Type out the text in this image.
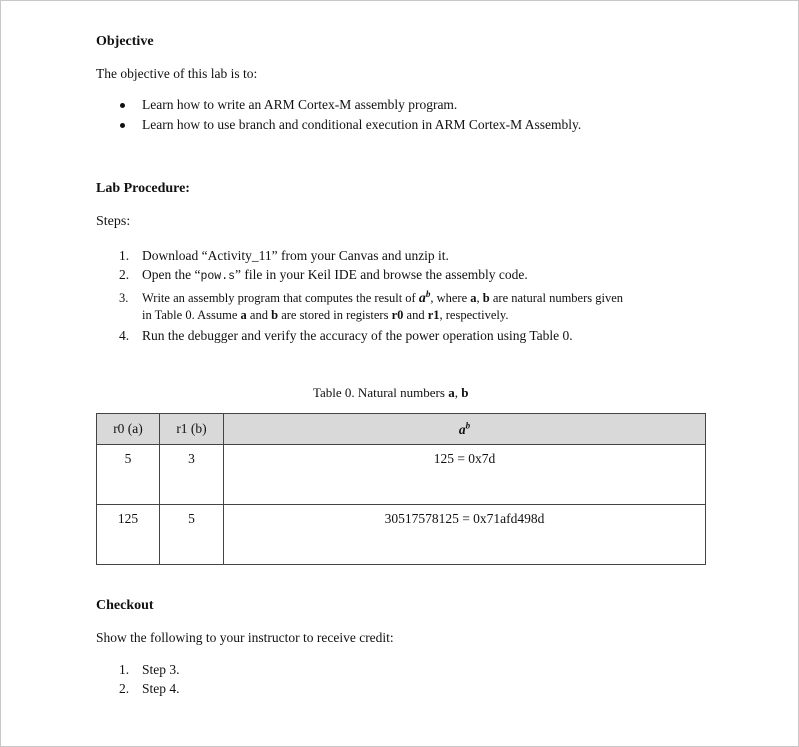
Objective
The objective of this lab is to:
Learn how to write an ARM Cortex-M assembly program.
Learn how to use branch and conditional execution in ARM Cortex-M Assembly.
Lab Procedure:
Steps:
1. Download “Activity_11” from your Canvas and unzip it.
2. Open the “pow.s” file in your Keil IDE and browse the assembly code.
3. Write an assembly program that computes the result of $a^b$, where a, b are natural numbers given
in Table 0. Assume a and b are stored in registers r0 and r1, respectively.
4. Run the debugger and verify the accuracy of the power operation using Table 0.
Table 0. Natural numbers a, b
r0 (a)	r1 (b)	$a^b$
5	3	125 = 0x7d
125	5	30517578125 = 0x71afd498d
Checkout
Show the following to your instructor to receive credit:
1. Step 3.
2. Step 4.
